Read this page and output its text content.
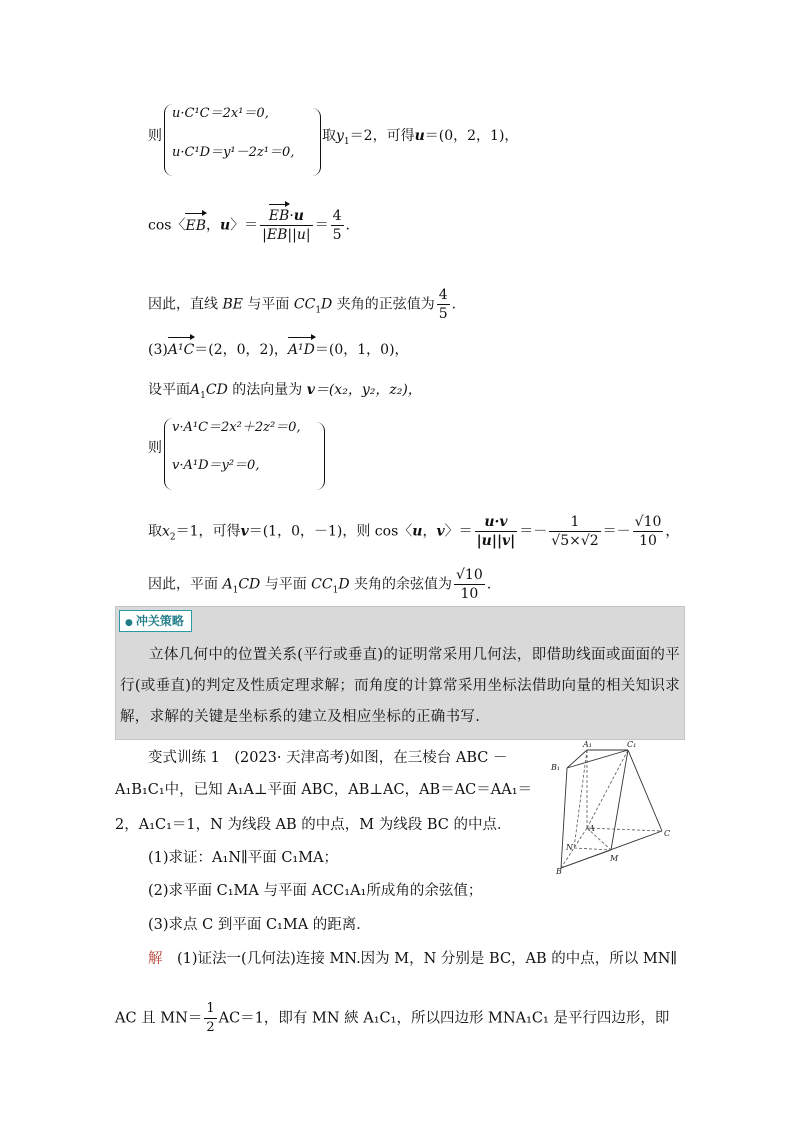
则
u·C¹C＝2x¹＝0,
u·C¹D＝y¹－2z¹＝0,
取$y_1=2$，可得u＝(0，2，1)，
cos〈EB，u〉＝ $\frac{EB\cdot u}{|EB||u|} = \frac{4}{5}$ .
因此，直线 BE 与平面 $CC_1D$ 夹角的正弦值为 $\frac{4}{5}$ .
(3)A¹C＝(2，0，2)，A¹D＝(0，1，0)，
设平面$A_1CD$ 的法向量为 v＝(x₂，y₂，z₂)，
则
v·A¹C＝2x²＋2z²＝0,
v·A¹D＝y²＝0,
取$x_2=1$，可得v＝(1，0，－1)，则 cos〈u，v〉＝ $\frac{u\cdot v}{|u||v|} =- \frac{1}{√5\times√2} =- \frac{√10}{10}$ ，
因此，平面 $A_1CD$ 与平面 $CC_1D$ 夹角的余弦值为 $\frac{√10}{10}$ .
● 冲关策略
立体几何中的位置关系(平行或垂直)的证明常采用几何法，即借助线面或面面的平行(或垂直)的判定及性质定理求解；而角度的计算常采用坐标法借助向量的相关知识求解，求解的关键是坐标系的建立及相应坐标的正确书写.
变式训练 1　(2023· 天津高考)如图，在三棱台 ABC －
A₁B₁C₁中，已知 A₁A⊥平面 ABC，AB⊥AC，AB＝AC＝AA₁＝
2，A₁C₁＝1，N 为线段 AB 的中点，M 为线段 BC 的中点．
(1)求证：A₁N∥平面 C₁MA；
(2)求平面 C₁MA 与平面 ACC₁A₁所成角的余弦值；
(3)求点 C 到平面 C₁MA 的距离．
A₁	C₁
B₁
A
N
M
C
B
解　(1)证法一(几何法)连接 MN.因为 M，N 分别是 BC，AB 的中点，所以 MN∥
AC 且 $MN= \frac{1}{2} AC=1$，即有 MN 綊 A₁C₁，所以四边形 MNA₁C₁ 是平行四边形，即
